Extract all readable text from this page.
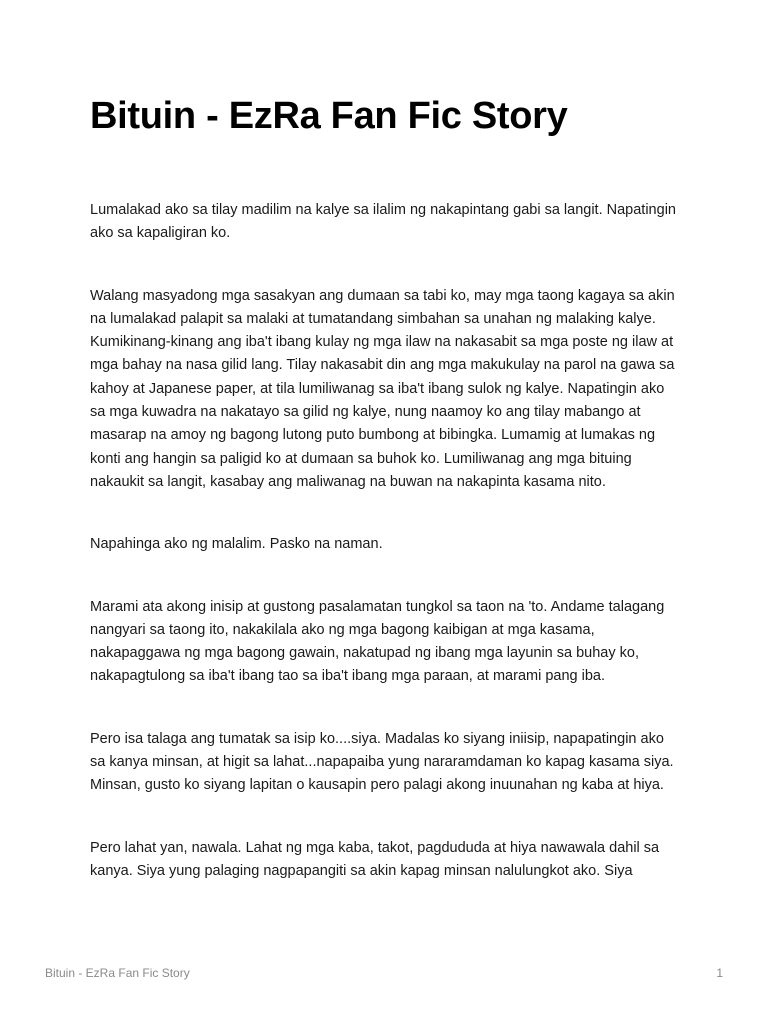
Bituin - EzRa Fan Fic Story

Lumalakad ako sa tilay madilim na kalye sa ilalim ng nakapintang gabi sa langit. Napatingin ako sa kapaligiran ko.

Walang masyadong mga sasakyan ang dumaan sa tabi ko, may mga taong kagaya sa akin na lumalakad palapit sa malaki at tumatandang simbahan sa unahan ng malaking kalye. Kumikinang-kinang ang iba't ibang kulay ng mga ilaw na nakasabit sa mga poste ng ilaw at mga bahay na nasa gilid lang. Tilay nakasabit din ang mga makukulay na parol na gawa sa kahoy at Japanese paper, at tila lumiliwanag sa iba't ibang sulok ng kalye. Napatingin ako sa mga kuwadra na nakatayo sa gilid ng kalye, nung naamoy ko ang tilay mabango at masarap na amoy ng bagong lutong puto bumbong at bibingka. Lumamig at lumakas ng konti ang hangin sa paligid ko at dumaan sa buhok ko. Lumiliwanag ang mga bituing nakaukit sa langit, kasabay ang maliwanag na buwan na nakapinta kasama nito.

Napahinga ako ng malalim. Pasko na naman.

Marami ata akong inisip at gustong pasalamatan tungkol sa taon na 'to. Andame talagang nangyari sa taong ito, nakakilala ako ng mga bagong kaibigan at mga kasama, nakapaggawa ng mga bagong gawain, nakatupad ng ibang mga layunin sa buhay ko, nakapagtulong sa iba't ibang tao sa iba't ibang mga paraan, at marami pang iba.

Pero isa talaga ang tumatak sa isip ko....siya. Madalas ko siyang iniisip, napapatingin ako sa kanya minsan, at higit sa lahat...napapaiba yung nararamdaman ko kapag kasama siya. Minsan, gusto ko siyang lapitan o kausapin pero palagi akong inuunahan ng kaba at hiya.

Pero lahat yan, nawala. Lahat ng mga kaba, takot, pagdududa at hiya nawawala dahil sa kanya. Siya yung palaging nagpapangiti sa akin kapag minsan nalulungkot ako. Siya

Bituin - EzRa Fan Fic Story	1
